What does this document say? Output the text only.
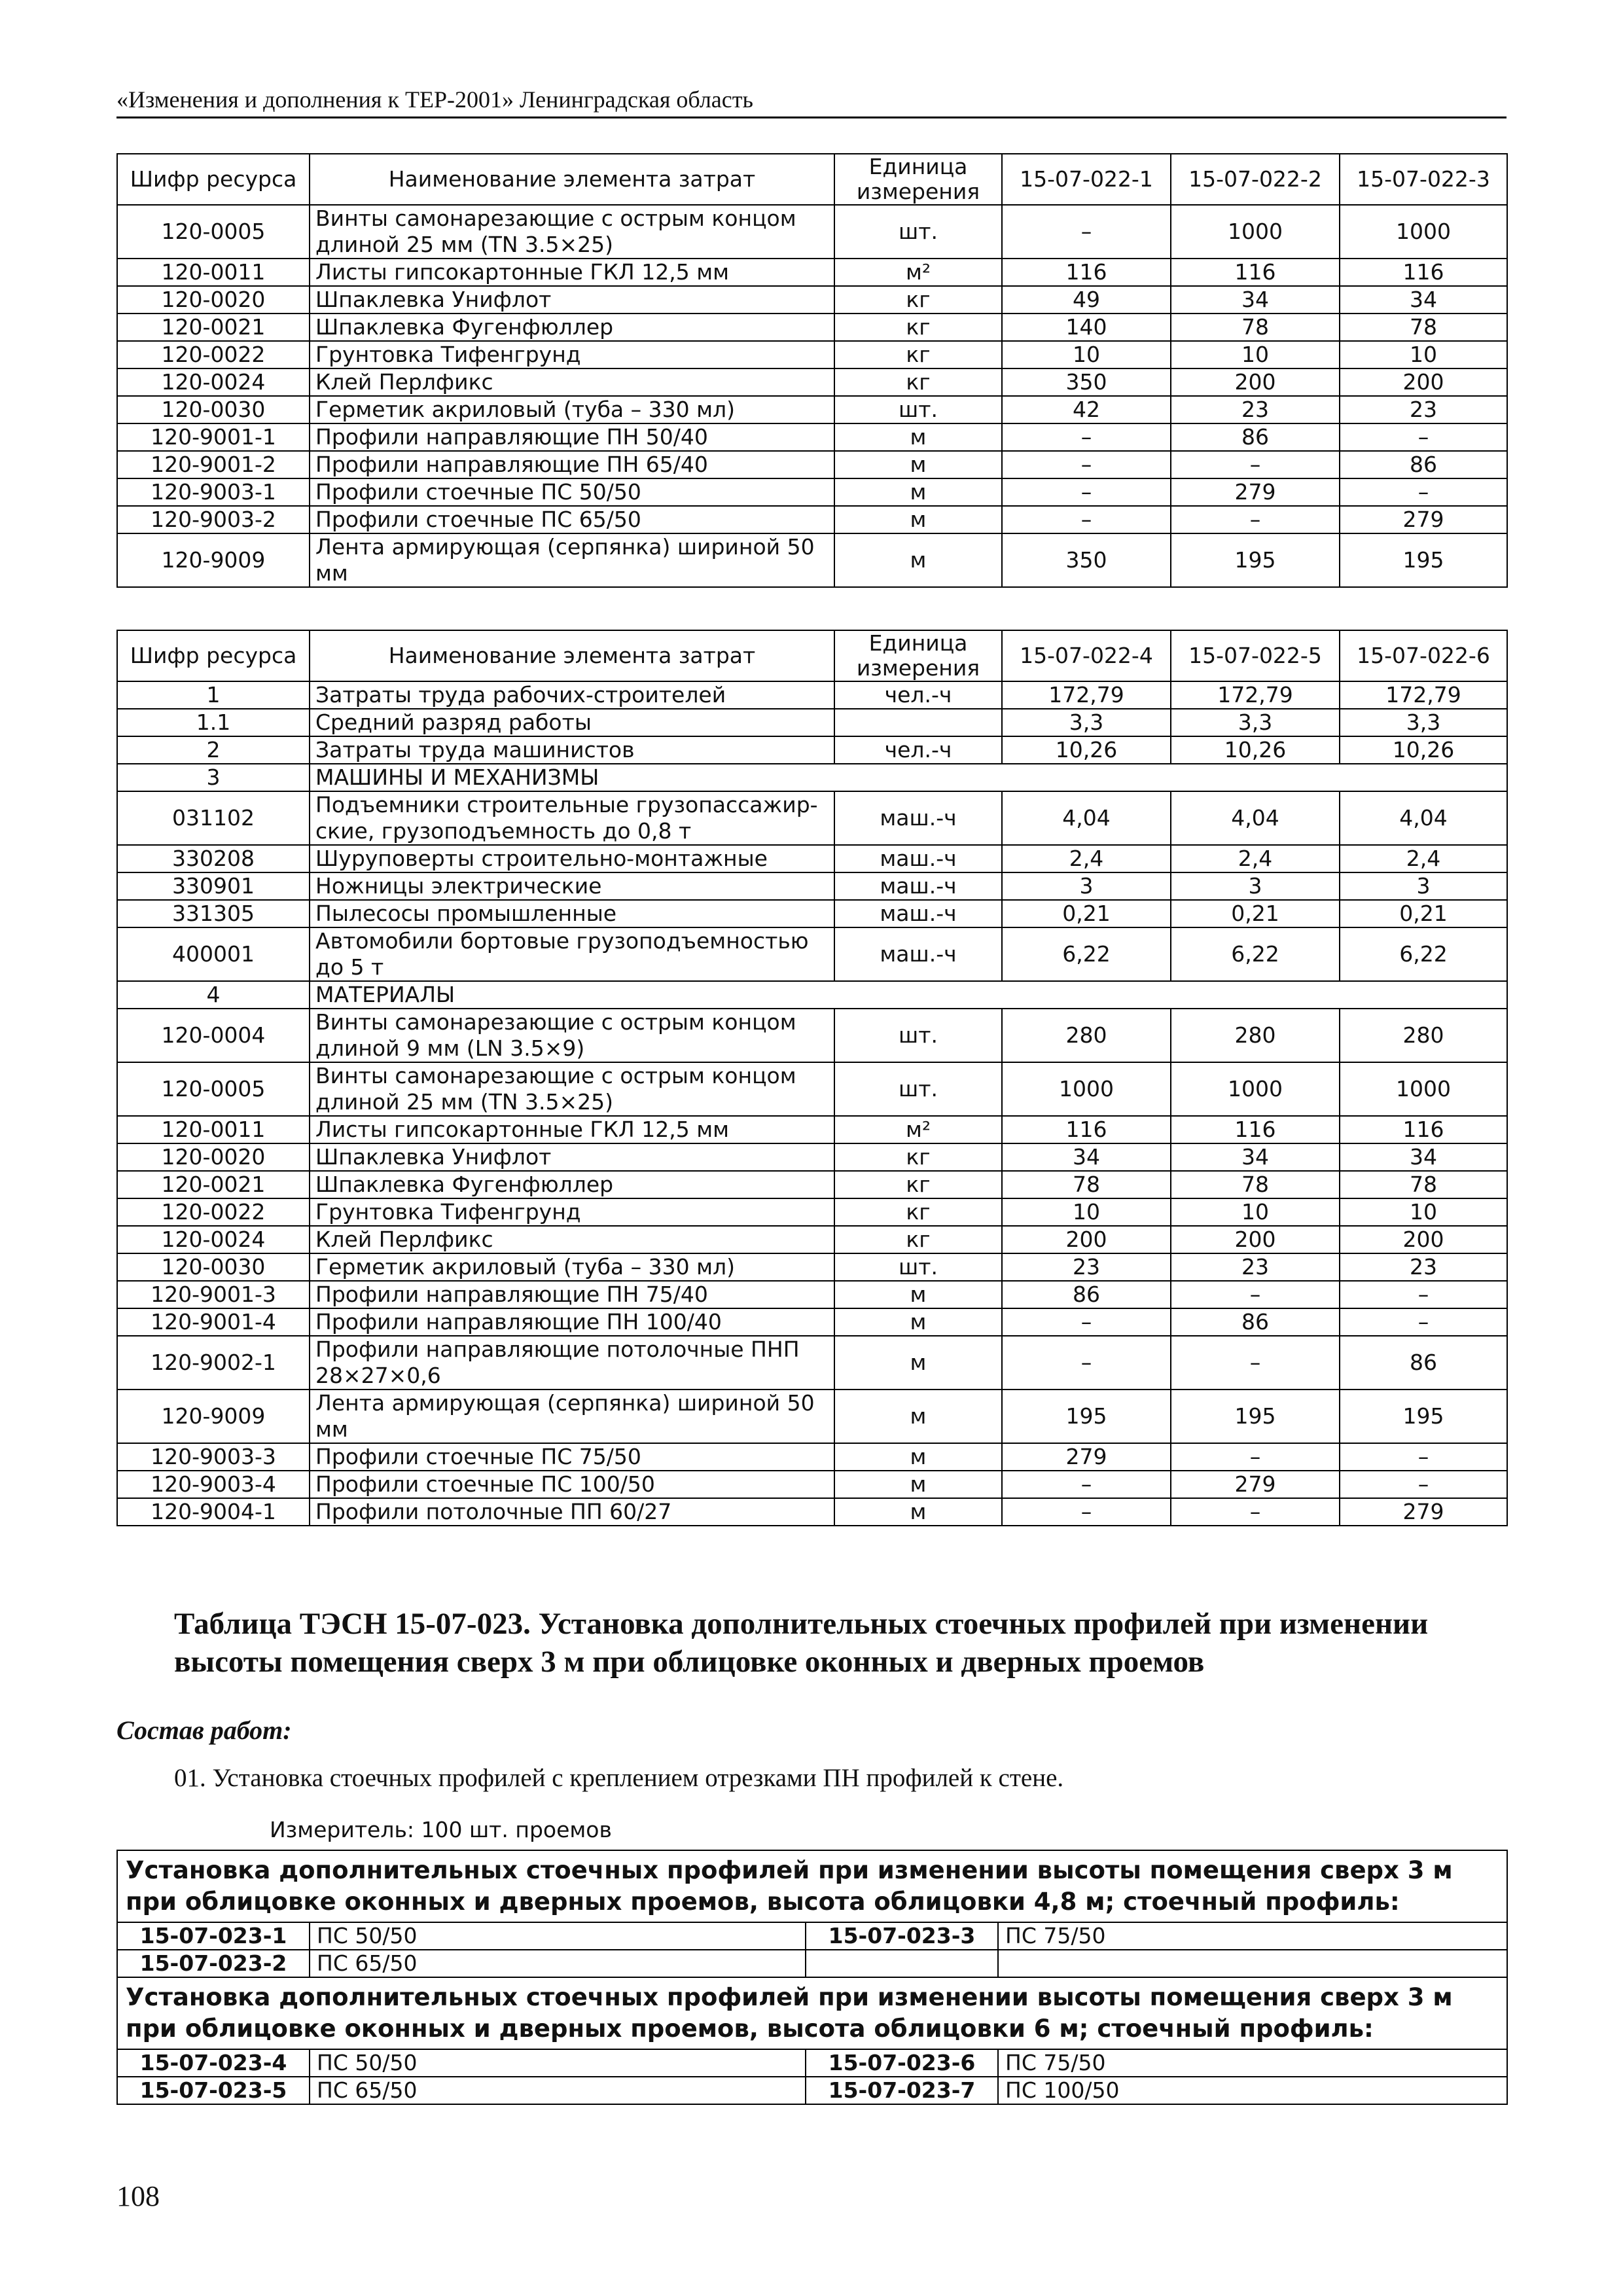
«Изменения и дополнения к ТЕР-2001» Ленинградская область
Шифр ресурса	Наименование элемента затрат	Единица измерения	15-07-022-1	15-07-022-2	15-07-022-3
120-0005	Винты самонарезающие с острым концом длиной 25 мм (TN 3.5×25)	шт.	–	1000	1000
120-0011	Листы гипсокартонные ГКЛ 12,5 мм	м²	116	116	116
120-0020	Шпаклевка Унифлот	кг	49	34	34
120-0021	Шпаклевка Фугенфюллер	кг	140	78	78
120-0022	Грунтовка Тифенгрунд	кг	10	10	10
120-0024	Клей Перлфикс	кг	350	200	200
120-0030	Герметик акриловый (туба – 330 мл)	шт.	42	23	23
120-9001-1	Профили направляющие ПН 50/40	м	–	86	–
120-9001-2	Профили направляющие ПН 65/40	м	–	–	86
120-9003-1	Профили стоечные ПС 50/50	м	–	279	–
120-9003-2	Профили стоечные ПС 65/50	м	–	–	279
120-9009	Лента армирующая (серпянка) шириной 50 мм	м	350	195	195
Шифр ресурса	Наименование элемента затрат	Единица измерения	15-07-022-4	15-07-022-5	15-07-022-6
1	Затраты труда рабочих-строителей	чел.-ч	172,79	172,79	172,79
1.1	Средний разряд работы		3,3	3,3	3,3
2	Затраты труда машинистов	чел.-ч	10,26	10,26	10,26
3	МАШИНЫ И МЕХАНИЗМЫ				
031102	Подъемники строительные грузопассажир-ские, грузоподъемность до 0,8 т	маш.-ч	4,04	4,04	4,04
330208	Шуруповерты строительно-монтажные	маш.-ч	2,4	2,4	2,4
330901	Ножницы электрические	маш.-ч	3	3	3
331305	Пылесосы промышленные	маш.-ч	0,21	0,21	0,21
400001	Автомобили бортовые грузоподъемностью до 5 т	маш.-ч	6,22	6,22	6,22
4	МАТЕРИАЛЫ				
120-0004	Винты самонарезающие с острым концом длиной 9 мм (LN 3.5×9)	шт.	280	280	280
120-0005	Винты самонарезающие с острым концом длиной 25 мм (TN 3.5×25)	шт.	1000	1000	1000
120-0011	Листы гипсокартонные ГКЛ 12,5 мм	м²	116	116	116
120-0020	Шпаклевка Унифлот	кг	34	34	34
120-0021	Шпаклевка Фугенфюллер	кг	78	78	78
120-0022	Грунтовка Тифенгрунд	кг	10	10	10
120-0024	Клей Перлфикс	кг	200	200	200
120-0030	Герметик акриловый (туба – 330 мл)	шт.	23	23	23
120-9001-3	Профили направляющие ПН 75/40	м	86	–	–
120-9001-4	Профили направляющие ПН 100/40	м	–	86	–
120-9002-1	Профили направляющие потолочные ПНП 28×27×0,6	м	–	–	86
120-9009	Лента армирующая (серпянка) шириной 50 мм	м	195	195	195
120-9003-3	Профили стоечные ПС 75/50	м	279	–	–
120-9003-4	Профили стоечные ПС 100/50	м	–	279	–
120-9004-1	Профили потолочные ПП 60/27	м	–	–	279
Таблица ТЭСН 15-07-023. Установка дополнительных стоечных профилей при изменении высоты помещения сверх 3 м при облицовке оконных и дверных проемов
Состав работ:
01. Установка стоечных профилей с креплением отрезками ПН профилей к стене.
Измеритель: 100 шт. проемов
Установка дополнительных стоечных профилей при изменении высоты помещения сверх 3 м при облицовке оконных и дверных проемов, высота облицовки 4,8 м; стоечный профиль:			
15-07-023-1	ПС 50/50	15-07-023-3	ПС 75/50
15-07-023-2	ПС 65/50		
Установка дополнительных стоечных профилей при изменении высоты помещения сверх 3 м при облицовке оконных и дверных проемов, высота облицовки 6 м; стоечный профиль:			
15-07-023-4	ПС 50/50	15-07-023-6	ПС 75/50
15-07-023-5	ПС 65/50	15-07-023-7	ПС 100/50
108
